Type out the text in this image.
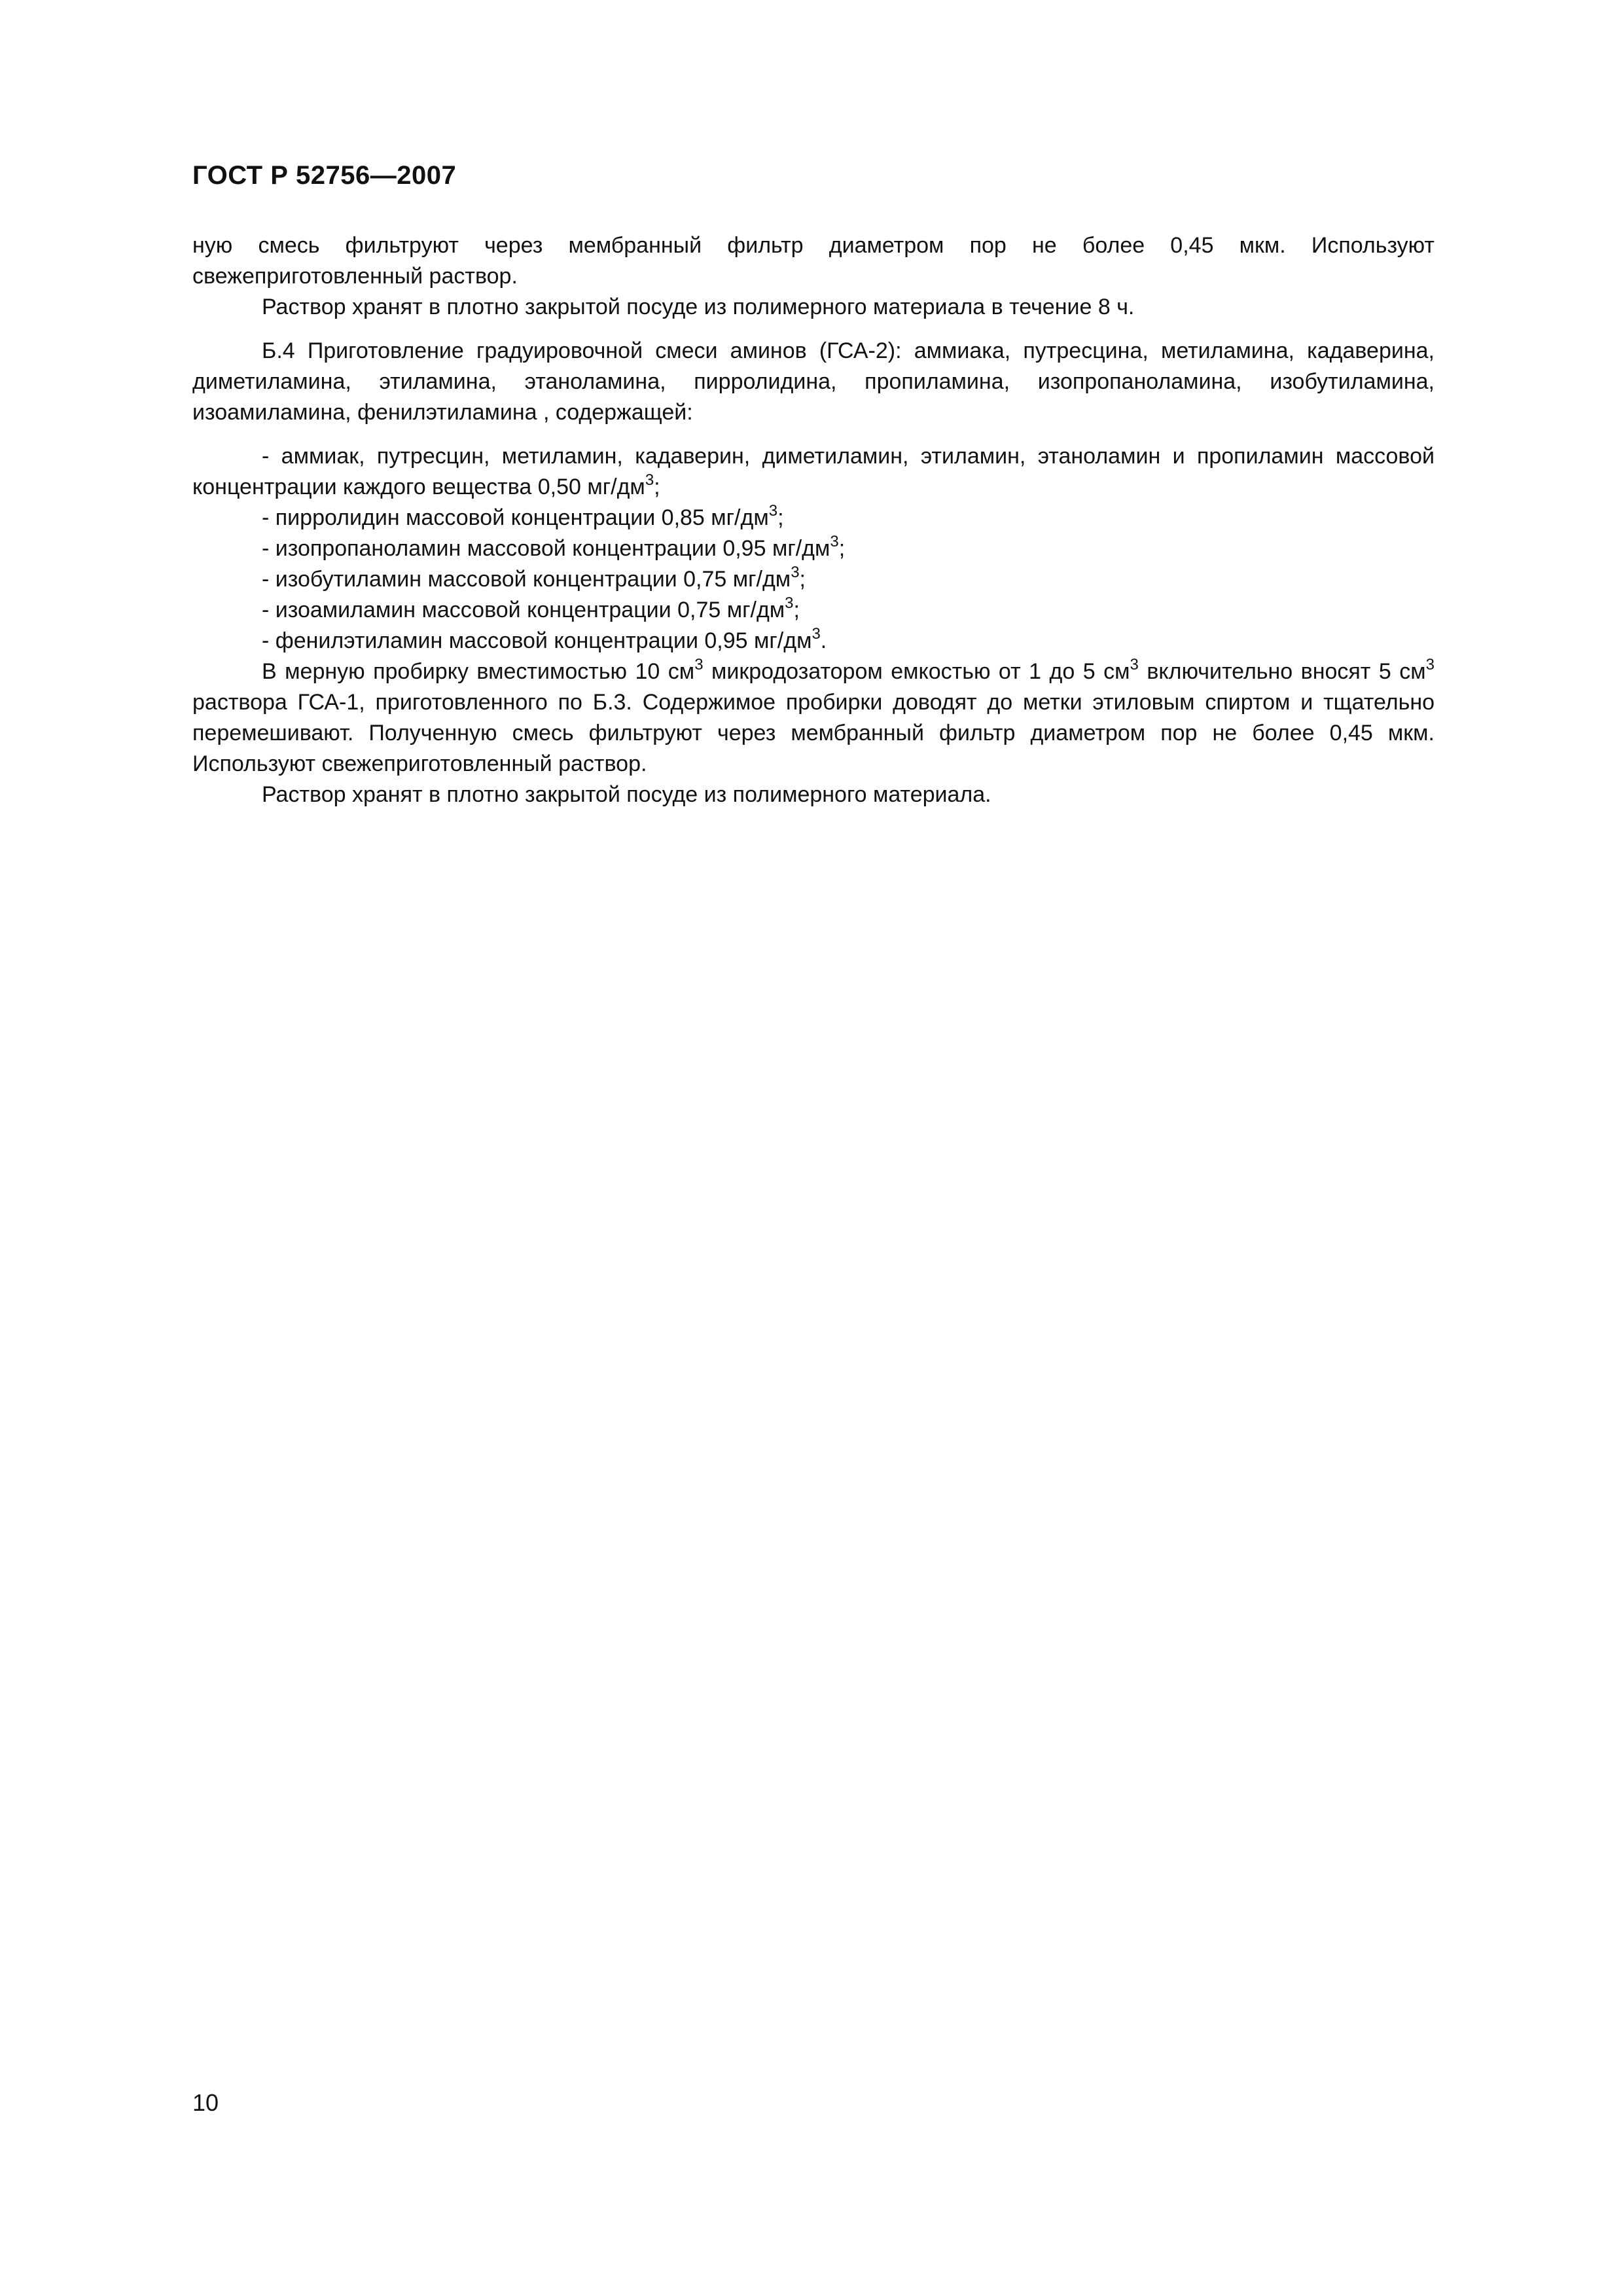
ГОСТ Р 52756—2007

ную смесь фильтруют через мембранный фильтр диаметром пор не более 0,45 мкм. Используют свежеприготовленный раствор.

Раствор хранят в плотно закрытой посуде из полимерного материала в течение 8 ч.

Б.4 Приготовление градуировочной смеси аминов (ГСА-2): аммиака, путресцина, метиламина, кадаверина, диметиламина, этиламина, этаноламина, пирролидина, пропиламина, изопропаноламина, изобутиламина, изоамиламина, фенилэтиламина , содержащей:

- аммиак, путресцин, метиламин, кадаверин, диметиламин, этиламин, этаноламин и пропиламин массовой концентрации каждого вещества 0,50 $мг/дм^3$;

- пирролидин массовой концентрации 0,85 $мг/дм^3$;

- изопропаноламин массовой концентрации 0,95 $мг/дм^3$;

- изобутиламин массовой концентрации 0,75 $мг/дм^3$;

- изоамиламин массовой концентрации 0,75 $мг/дм^3$;

- фенилэтиламин массовой концентрации 0,95 $мг/дм^3$.

В мерную пробирку вместимостью 10 $см^3$ микродозатором емкостью от 1 до 5 $см^3$ включительно вносят 5 $см^3$ раствора ГСА-1, приготовленного по Б.3. Содержимое пробирки доводят до метки этиловым спиртом и тщательно перемешивают. Полученную смесь фильтруют через мембранный фильтр диаметром пор не более 0,45 мкм. Используют свежеприготовленный раствор.

Раствор хранят в плотно закрытой посуде из полимерного материала.

10
